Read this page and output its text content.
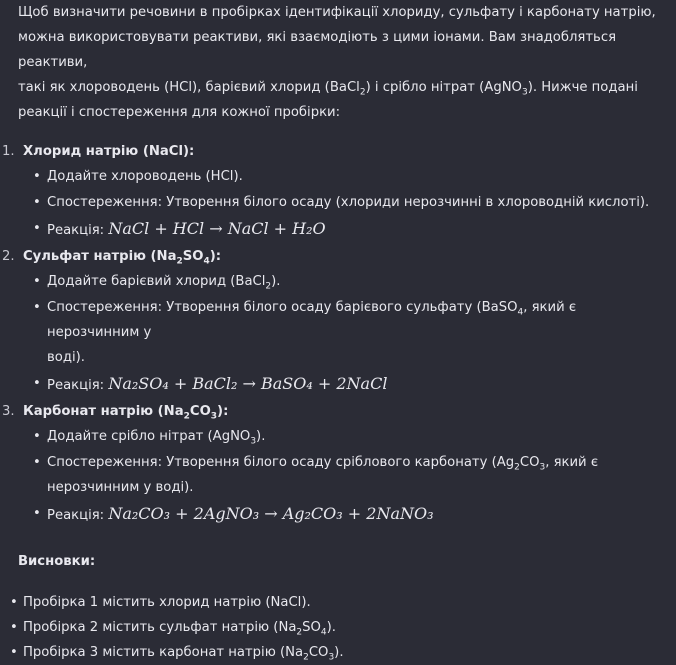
Щоб визначити речовини в пробірках ідентифікації хлориду, сульфату і карбонату натрію,
можна використовувати реактиви, які взаємодіють з цими іонами. Вам знадобляться реактиви,
такі як хлороводень (HCl), барієвий хлорид (BaCl$_2$) і срібло нітрат (AgNO$_3$). Нижче подані
реакції і спостереження для кожної пробірки:

1. Хлорид натрію (NaCl):
• Додайте хлороводень (HCl).
• Спостереження: Утворення білого осаду (хлориди нерозчинні в хлороводній кислоті).
• Реакція: NaCl + HCl → NaCl + H₂O
2. Сульфат натрію $(Na_2SO_4)$:
• Додайте барієвий хлорид (BaCl$_2$).
• Спостереження: Утворення білого осаду барієвого сульфату (BaSO$_4$, який є нерозчинним у
воді).
• Реакція: Na₂SO₄ + BaCl₂ → BaSO₄ + 2NaCl
3. Карбонат натрію $(Na_2CO_3)$:
• Додайте срібло нітрат (AgNO$_3$).
• Спостереження: Утворення білого осаду сріблового карбонату ($Ag_2CO_3$, який є
нерозчинним у воді).
• Реакція: Na₂CO₃ + 2AgNO₃ → Ag₂CO₃ + 2NaNO₃
Висновки:
• Пробірка 1 містить хлорид натрію (NaCl).
• Пробірка 2 містить сульфат натрію $(Na_2SO_4)$.
• Пробірка 3 містить карбонат натрію $(Na_2CO_3)$.
